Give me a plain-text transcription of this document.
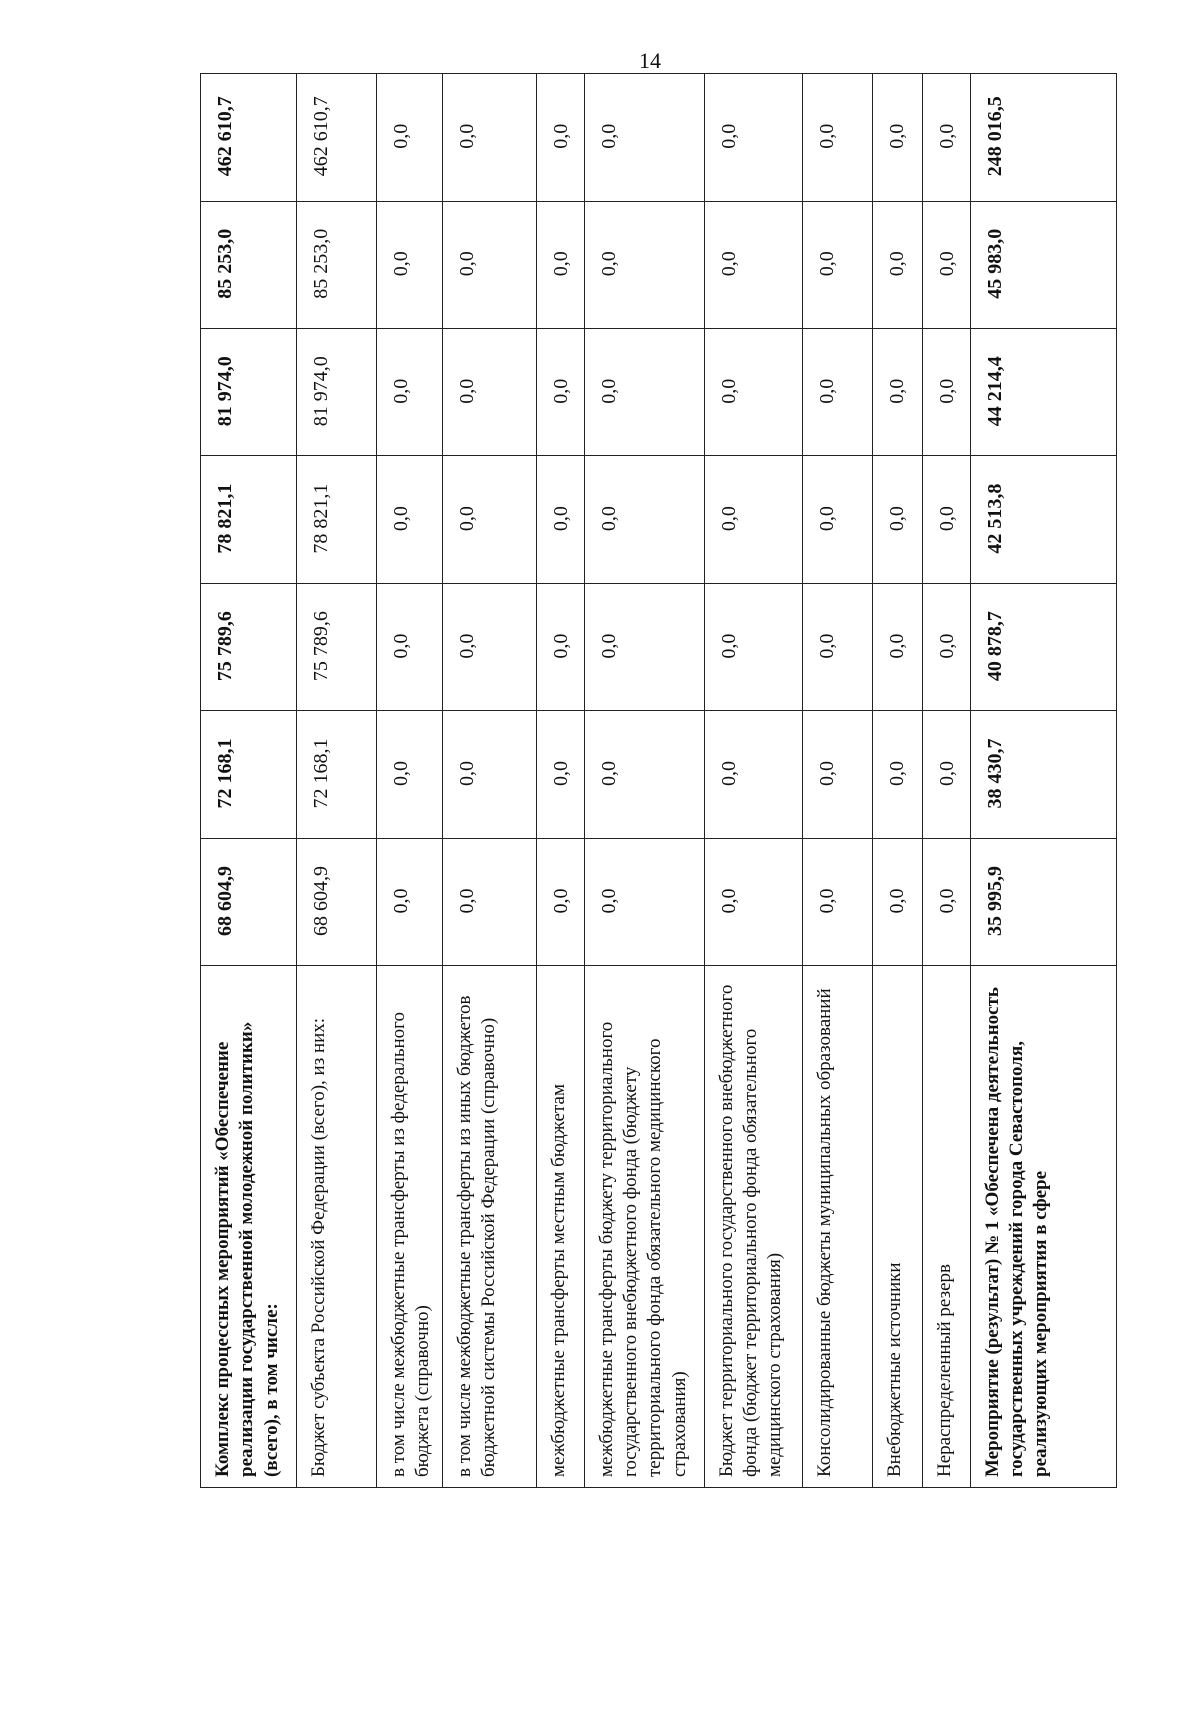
14
Комплекс процессных мероприятий «Обеспечение реализации государственной молодежной политики» (всего), в том числе:	68 604,9	72 168,1	75 789,6	78 821,1	81 974,0	85 253,0	462 610,7
Бюджет субъекта Российской Федерации (всего), из них:	68 604,9	72 168,1	75 789,6	78 821,1	81 974,0	85 253,0	462 610,7
в том числе межбюджетные трансферты из федерального бюджета (справочно)	0,0	0,0	0,0	0,0	0,0	0,0	0,0
в том числе межбюджетные трансферты из иных бюджетов бюджетной системы Российской Федерации (справочно)	0,0	0,0	0,0	0,0	0,0	0,0	0,0
межбюджетные трансферты местным бюджетам	0,0	0,0	0,0	0,0	0,0	0,0	0,0
межбюджетные трансферты бюджету территориального государственного внебюджетного фонда (бюджету территориального фонда обязательного медицинского страхования)	0,0	0,0	0,0	0,0	0,0	0,0	0,0
Бюджет территориального государственного внебюджетного фонда (бюджет территориального фонда обязательного медицинского страхования)	0,0	0,0	0,0	0,0	0,0	0,0	0,0
Консолидированные бюджеты муниципальных образований	0,0	0,0	0,0	0,0	0,0	0,0	0,0
Внебюджетные источники	0,0	0,0	0,0	0,0	0,0	0,0	0,0
Нераспределенный резерв	0,0	0,0	0,0	0,0	0,0	0,0	0,0
Мероприятие (результат) № 1 «Обеспечена деятельность государственных учреждений города Севастополя, реализующих мероприятия в сфере	35 995,9	38 430,7	40 878,7	42 513,8	44 214,4	45 983,0	248 016,5
